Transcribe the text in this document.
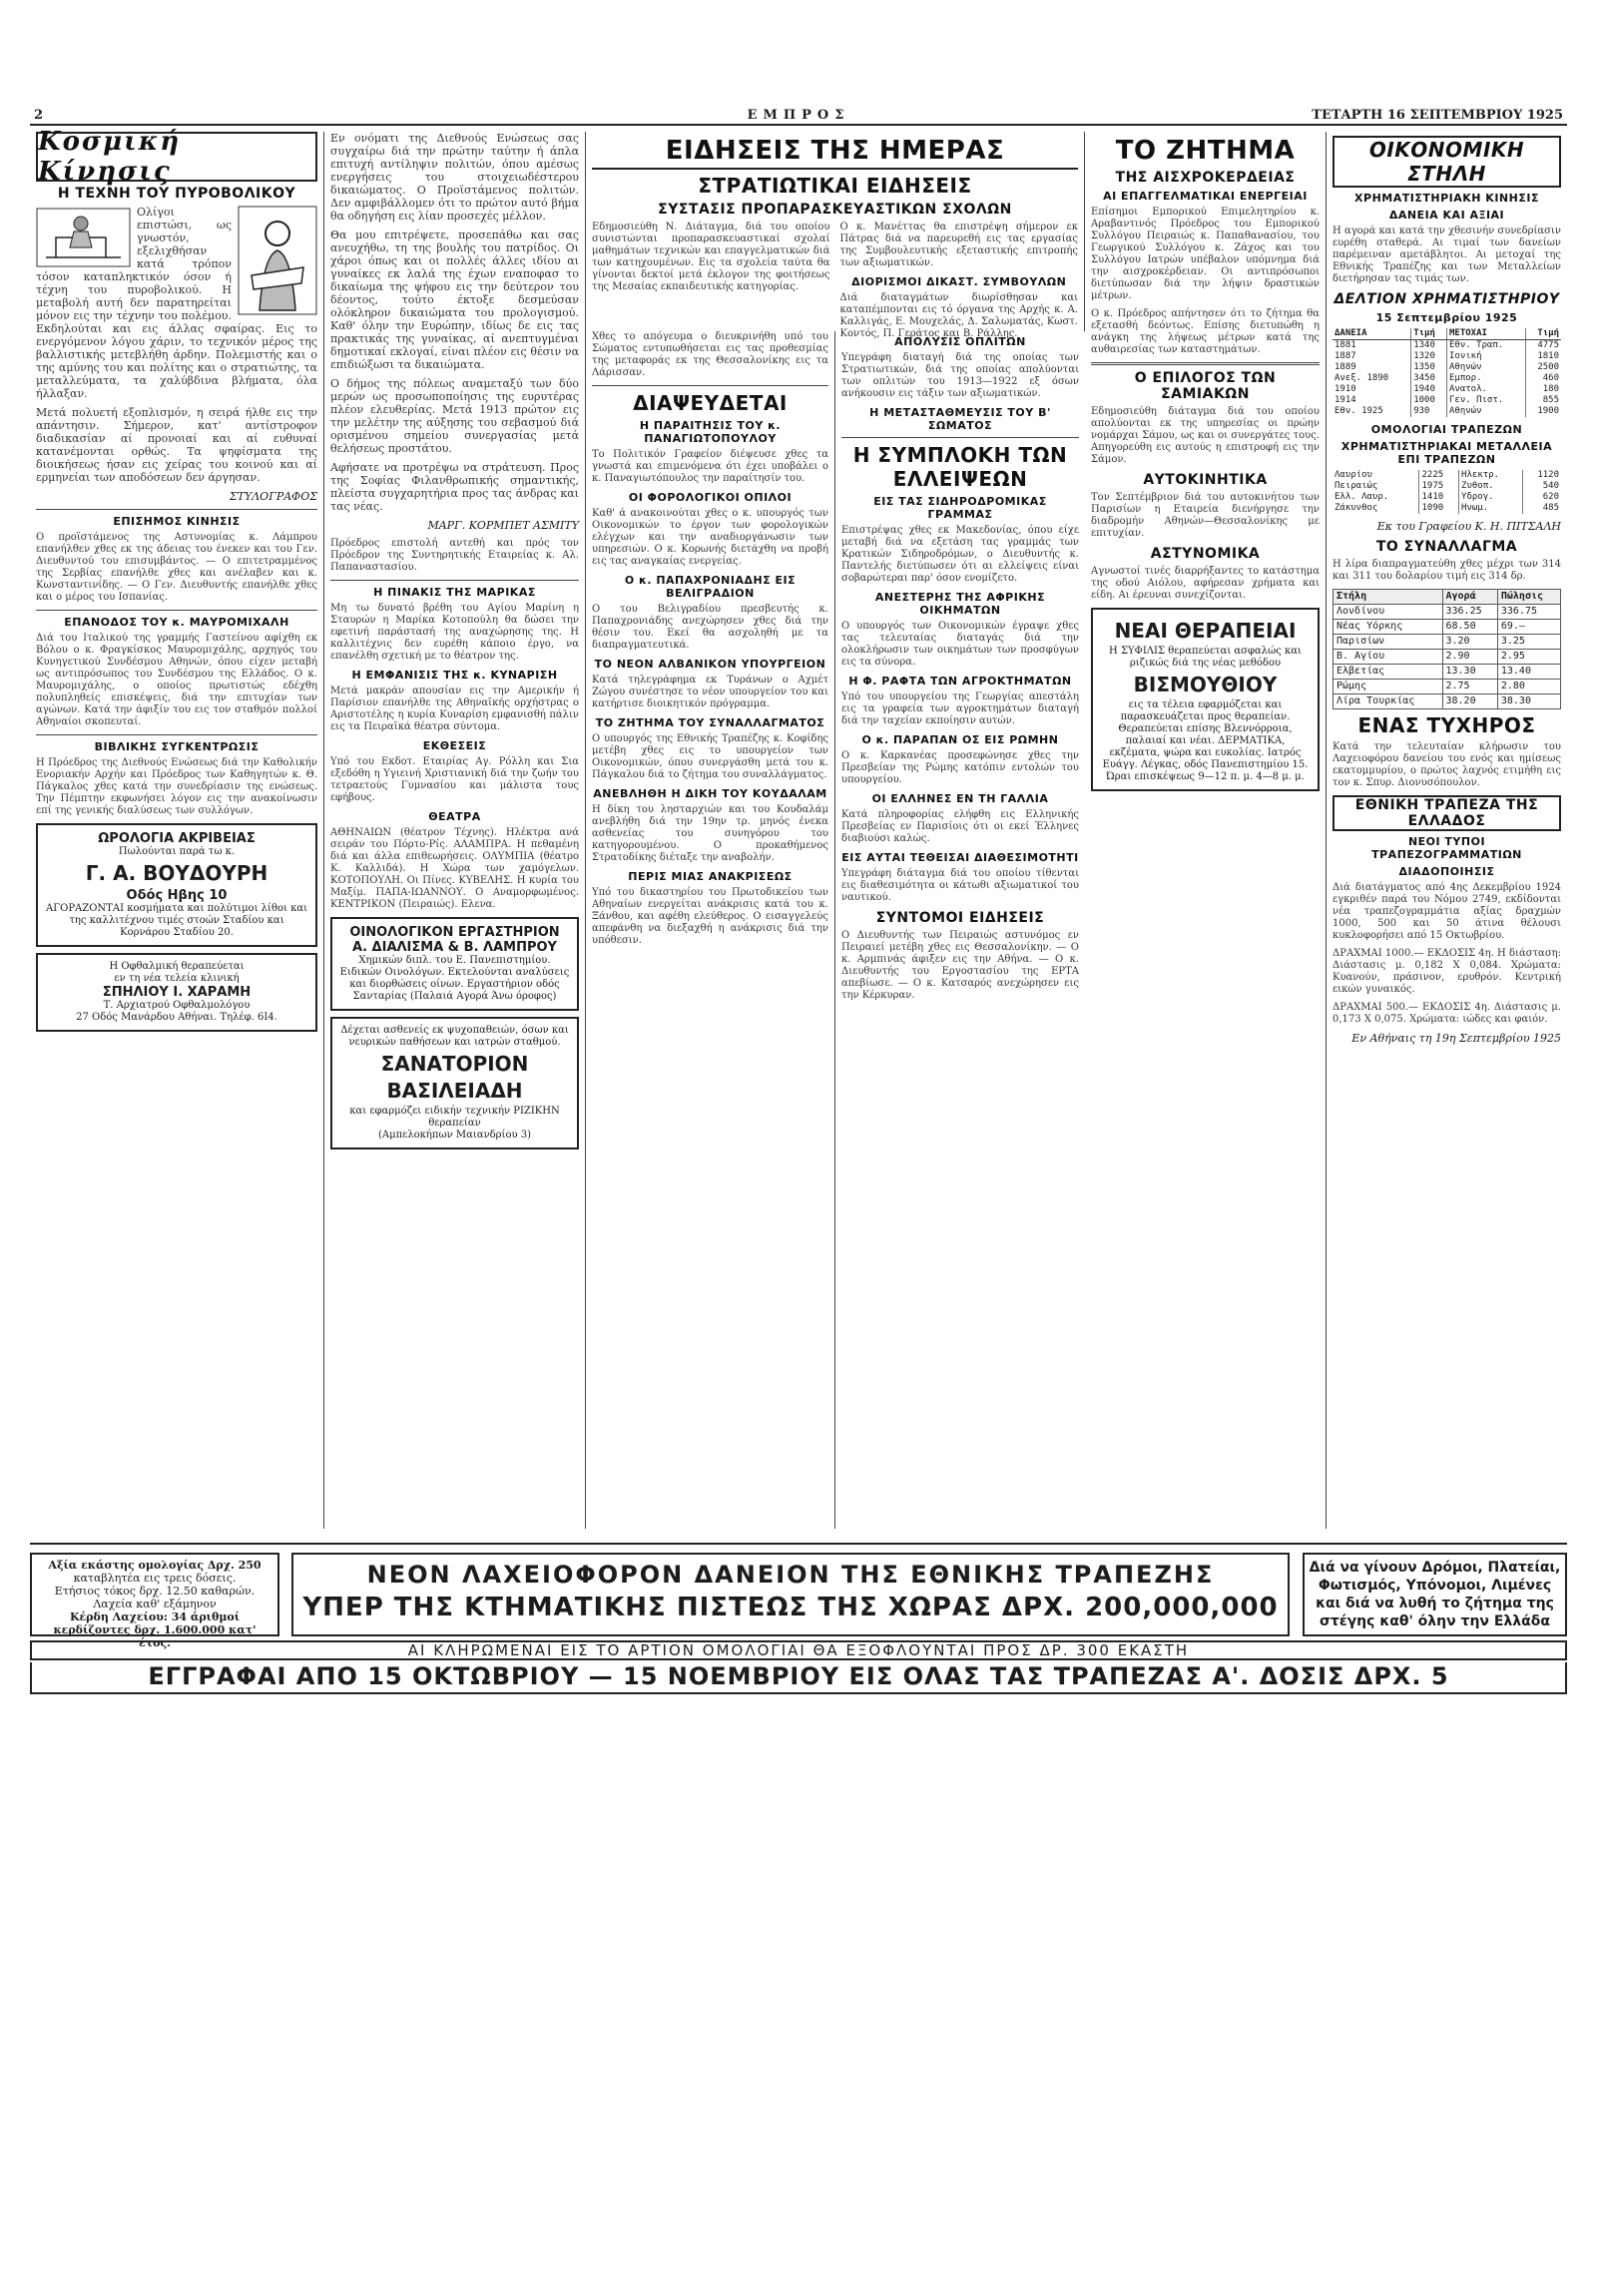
2	ΕΜΠΡΟΣ	ΤΕΤΑΡΤΗ 16 ΣΕΠΤΕΜΒΡΙΟΥ 1925
Κοσμική Κίνησις
Η ΤΕΧΝΗ ΤΟΥ ΠΥΡΟΒΟΛΙΚΟΥ

Ολίγοι επιστώσι, ως γνωστόν, εξελιχθήσαν κατά τρόπον τόσον καταπληκτικόν όσον ή τέχνη του πυροβολικού. Η μεταβολή αυτή δεν παρατηρείται μόνον εις την τέχνην του πολέμου. Εκδηλούται και εις άλλας σφαίρας. Εις το ενεργόμενον λόγου χάριν, το τεχνικόν μέρος της βαλλιστικής μετεβλήθη άρδην. Πολεμιστής και ο της αμύνης του και πολίτης και ο στρατιώτης, τα μεταλλεύματα, τα χαλύβδινα βλήματα, όλα ήλλαξαν.

Μετά πολυετή εξοπλισμόν, η σειρά ήλθε εις την απάντησιν. Σήμερον, κατ' αντίστροφον διαδικασίαν αί προνοιαί και αί ευθυναί κατανέμονται ορθώς. Τα ψηφίσματα της διοικήσεως ήσαν εις χείρας του κοινού και αί ερμηνείαι των αποδόσεων δεν άργησαν.

ΣΤΥΛΟΓΡΑΦΟΣ
ΕΠΙΣΗΜΟΣ ΚΙΝΗΣΙΣ

Ο προϊστάμενος της Αστυνομίας κ. Λάμπρου επανήλθεν χθες εκ της άδειας του ένεκεν και του Γεν. Διευθυντού του επισυμβάντος. — Ο επιτετραμμένος της Σερβίας επανήλθε χθες και ανέλαβεν και κ. Κωνσταντινίδης. — Ο Γεν. Διευθυντής επανήλθε χθες και ο μέρος του Ισπανίας.

ΕΠΑΝΟΔΟΣ ΤΟΥ κ. ΜΑΥΡΟΜΙΧΑΛΗ

Διά του Ιταλικού της γραμμής Γαστείνου αφίχθη εκ Βόλου ο κ. Φραγκίσκος Μαυρομιχάλης, αρχηγός του Κυνηγετικού Συνδέσμου Αθηνών, όπου είχεν μεταβή ως αντιπρόσωπος του Συνδέσμου της Ελλάδος. Ο κ. Μαυρομιχάλης, ο οποίος πρωτιστώς εδέχθη πολυπληθείς επισκέψεις, διά την επιτυχίαν των αγώνων. Κατά την άφιξίν του εις τον σταθμόν πολλοί Αθηναίοι σκοπευταί.

ΒΙΒΛΙΚΗΣ ΣΥΓΚΕΝΤΡΩΣΙΣ

Η Πρόεδρος της Διεθνούς Ενώσεως διά την Καθολικήν Ενοριακήν Αρχήν και Πρόεδρος των Καθηγητών κ. Θ. Πάγκαλος χθες κατά την συνεδρίασιν της ενώσεως. Την Πέμπτην εκφωνήσει λόγον εις την ανακοίνωσιν επί της γενικής διαλύσεως των συλλόγων.

ΩΡΟΛΟΓΙΑ ΑΚΡΙΒΕΙΑΣ
Πωλούνται παρά τω κ.
Γ. Α. ΒΟΥΔΟΥΡΗ
Οδός Ηβης 10
ΑΓΟΡΑΖΟΝΤΑΙ κοσμήματα και πολύτιμοι λίθοι και της καλλιτέχνου τιμές στοών Σταδίου και Κορνάρου Σταδίου 20.
Η Οφθαλμική θεραπεύεται
εν τη νέα τελεία κλινική
ΣΠΗΛΙΟΥ Ι. ΧΑΡΑΜΗ
Τ. Αρχιατρού Οφθαλμολόγου
27 Οδός Μανάρδου Αθήναι. Τηλέφ. 6Ι4.

Εν ονόματι της Διεθνούς Ενώσεως σας συγχαίρω διά την πρώτην ταύτην ή άπλα επιτυχή αντίληψιν πολιτών, όπου αμέσως ενεργήσεις του στοιχειωδέστερου δικαιώματος. Ο Προϊστάμενος πολιτών. Δεν αμφιβάλλομεν ότι το πρώτον αυτό βήμα θα οδηγήση εις λίαν προσεχές μέλλον.

Θα μου επιτρέψετε, προσεπάθω και σας ανευχήθω, τη της βουλής του πατρίδος. Οι χάροι όπως και οι πολλές άλλες ιδίου αι γυναίκες εκ λαλά της έχων εναποφασ το δικαίωμα της ψήφου εις την δεύτερον του δέοντος, τούτο έκτοξε δεσμεύσαν ολόκληρον δικαιώματα του προλογισμού. Καθ' όλην την Ευρώπην, ιδίως δε εις τας πρακτικάς της γυναίκας, αί ανεπτυγμέναι δημοτικαί εκλογαί, είναι πλέον εις θέσιν να επιδιώξωσι τα δικαιώματα.

Ο δήμος της πόλεως αναμεταξύ των δύο μερών ως προσωποποίησις της ευρυτέρας πλέον ελευθερίας. Μετά 1913 πρώτον εις την μελέτην της αύξησης του σεβασμού διά ορισμένου σημείου συνεργασίας μετά θελήσεως προστάτου.

Αφήσατε να προτρέψω να στράτευση. Προς της Σοφίας Φιλανθρωπικής σημαντικής, πλείστα συγχαρητήρια προς τας άνδρας και τας νέας.

ΜΑΡΓ. ΚΟΡΜΠΕΤ ΑΣΜΙΤΥ

Πρόεδρος επιστολή αντεθή και πρός τον Πρόεδρον της Συντηρητικής Εταιρείας κ. Αλ. Παπαναστασίου.

Η ΠΙΝΑΚΙΣ ΤΗΣ ΜΑΡΙΚΑΣ

Μη τω δυνατό βρέθη του Αγίου Μαρίνη η Σταυρών η Μαρίκα Κοτοπούλη θα δώσει την εφετινή παράστασή της αναχώρησης της. Η καλλιτέχνις δεν ευρέθη κάποιο έργο, να επανέλθη σχετική με το θέατρον της.

Η ΕΜΦΑΝΙΣΙΣ ΤΗΣ κ. ΚΥΝΑΡΙΣΗ

Μετά μακράν απουσίαν εις την Αμερικήν ή Παρίσιον επανήλθε της Αθηναϊκής ορχήστρας ο Αριστοτέλης η κυρία Κυναρίση εμφανισθή πάλιν εις τα Πειραϊκά θέατρα σύντομα.

ΕΚΘΕΣΕΙΣ

Υπό του Εκδοτ. Εταιρίας Αγ. Ρόλλη και Σια εξεδόθη η Υγιεινή Χριστιανική διά την ζωήν του τετραετούς Γυμνασίου και μάλιστα τους εφήβους.

ΘΕΑΤΡΑ

ΑΘΗΝΑΙΩΝ (θέατρον Τέχνης). Ηλέκτρα ανά σειράν του Πόρτο-Ρίς. ΑΛΑΜΠΡΑ. Η πεθαμένη διά και άλλα επιθεωρήσεις. ΟΛΥΜΠΙΑ (θέατρο Κ. Καλλιδά). Η Χώρα των χαμόγελων. ΚΟΤΟΠΟΥΛΗ. Οι Πίνες. ΚΥΒΕΛΗΣ. Η κυρία του Μαξίμ. ΠΑΠΑ-ΙΩΑΝΝΟΥ. Ο Αναμορφωμένος. ΚΕΝΤΡΙΚΟΝ (Πειραιώς). Ελενα.

ΟΙΝΟΛΟΓΙΚΟΝ ΕΡΓΑΣΤΗΡΙΟΝ
Α. ΔΙΑΛΙΣΜΑ & Β. ΛΑΜΠΡΟΥ
Χημικών διπλ. του Ε. Πανεπιστημίου. Ειδικών Οινολόγων. Εκτελούνται αναλύσεις και διορθώσεις οίνων. Εργαστήριον οδός Σανταρίας (Παλαιά Αγορά Άνω όροφος)
Δέχεται ασθενείς εκ ψυχοπαθειών, όσων και νευρικών παθήσεων και ιατρών σταθμού.
ΣΑΝΑΤΟΡΙΟΝ
ΒΑΣΙΛΕΙΑΔΗ
και εφαρμόζει ειδικήν τεχνικήν ΡΙΖΙΚΗΝ θεραπείαν
(Αμπελοκήπων Μαιανδρίου 3)
ΕΙΔΗΣΕΙΣ ΤΗΣ ΗΜΕΡΑΣ
ΣΤΡΑΤΙΩΤΙΚΑΙ ΕΙΔΗΣΕΙΣ
ΣΥΣΤΑΣΙΣ ΠΡΟΠΑΡΑΣΚΕΥΑΣΤΙΚΩΝ ΣΧΟΛΩΝ

Εδημοσιεύθη Ν. Διάταγμα, διά του οποίου συνιστώνται προπαρασκευαστικαί σχολαί μαθημάτων τεχνικών και επαγγελματικών διά των κατηχουμένων. Εις τα σχολεία ταύτα θα γίνονται δεκτοί μετά έκλογον της φοιτήσεως της Μεσαίας εκπαιδευτικής κατηγορίας.

Ο κ. Μανέττας θα επιστρέψη σήμερον εκ Πάτρας διά να παρευρεθή εις τας εργασίας της Συμβουλευτικής εξεταστικής επιτροπής των αξιωματικών.

ΔΙΟΡΙΣΜΟΙ ΔΙΚΑΣΤ. ΣΥΜΒΟΥΛΩΝ

Διά διαταγμάτων διωρίσθησαν και καταπέμπονται εις τό όργανα της Αρχής κ. Α. Καλλιγάς, Ε. Μουχελάς, Δ. Σαλωματάς, Κωστ. Κοντός, Π. Γεράτος και Β. Ράλλης.

Χθες το απόγευμα ο διευκρινήθη υπό του Σώματος εντυπωθήσεται εις τας προθεσμίας της μεταφοράς εκ της Θεσσαλονίκης εις τα Λάρισσαν.

ΔΙΑΨΕΥΔΕΤΑΙ
Η ΠΑΡΑΙΤΗΣΙΣ ΤΟΥ κ. ΠΑΝΑΓΙΩΤΟΠΟΥΛΟΥ

Το Πολιτικόν Γραφείον διέψευσε χθες τα γνωστά και επιμενόμενα ότι έχει υποβάλει ο κ. Παναγιωτόπουλος την παραίτησίν του.

ΟΙ ΦΟΡΟΛΟΓΙΚΟΙ ΟΠΙΛΟΙ

Καθ' ά ανακοινούται χθες ο κ. υπουργός των Οικονομικών το έργον των φορολογικών ελέγχων και την αναδιοργάνωσιν των υπηρεσιών. Ο κ. Κορωνής διετάχθη να προβή εις τας αναγκαίας ενεργείας.

Ο κ. ΠΑΠΑΧΡΟΝΙΑΔΗΣ ΕΙΣ ΒΕΛΙΓΡΑΔΙΟΝ

Ο του Βελιγραδίου πρεσβευτής κ. Παπαχρονιάδης ανεχώρησεν χθες διά την θέσιν του. Εκεί θα ασχοληθή με τα διαπραγματευτικά.

ΤΟ ΝΕΟΝ ΑΛΒΑΝΙΚΟΝ ΥΠΟΥΡΓΕΙΟΝ

Κατά τηλεγράφημα εκ Τυράνων ο Αχμέτ Ζώγου συνέστησε το νέον υπουργείον του και κατήρτισε διοικητικόν πρόγραμμα.

ΤΟ ΖΗΤΗΜΑ ΤΟΥ ΣΥΝΑΛΛΑΓΜΑΤΟΣ

Ο υπουργός της Εθνικής Τραπέζης κ. Κοφίδης μετέβη χθες εις το υπουργείον των Οικονομικών, όπου συνεργάσθη μετά του κ. Πάγκαλου διά το ζήτημα του συναλλάγματος.

ΑΝΕΒΛΗΘΗ Η ΔΙΚΗ ΤΟΥ ΚΟΥΔΑΛΑΜ

Η δίκη του λησταρχιών και του Κουδαλάμ ανεβλήθη διά την 19ην τρ. μηνός ένεκα ασθενείας του συνηγόρου του κατηγορουμένου. Ο προκαθήμενος Στρατοδίκης διέταξε την αναβολήν.

ΠΕΡΙΣ ΜΙΑΣ ΑΝΑΚΡΙΣΕΩΣ

Υπό του δικαστηρίου του Πρωτοδικείου των Αθηναίων ενεργείται ανάκρισις κατά του κ. Ξάνθου, και αφέθη ελεύθερος. Ο εισαγγελεύς απεφάνθη να διεξαχθή η ανάκρισις διά την υπόθεσιν.

ΑΠΟΛΥΣΙΣ ΟΠΛΙΤΩΝ

Υπεγράφη διαταγή διά της οποίας των Στρατιωτικών, διά της οποίας απολύονται των οπλιτών του 1913—1922 εξ όσων ανήκουσιν εις τάξιν των αξιωματικών.

Η ΜΕΤΑΣΤΑΘΜΕΥΣΙΣ ΤΟΥ Β' ΣΩΜΑΤΟΣ
Η ΣΥΜΠΛΟΚΗ ΤΩΝ ΕΛΛΕΙΨΕΩΝ
ΕΙΣ ΤΑΣ ΣΙΔΗΡΟΔΡΟΜΙΚΑΣ ΓΡΑΜΜΑΣ

Επιστρέψας χθες εκ Μακεδονίας, όπου είχε μεταβή διά να εξετάση τας γραμμάς των Κρατικών Σιδηροδρόμων, ο Διευθυντής κ. Παντελής διετύπωσεν ότι αι ελλείψεις είναι σοβαρώτεραι παρ' όσον ενομίζετο.

ΑΝΕΣΤΕΡΗΣ ΤΗΣ ΑΦΡΙΚΗΣ ΟΙΚΗΜΑΤΩΝ

Ο υπουργός των Οικονομικών έγραψε χθες τας τελευταίας διαταγάς διά την ολοκλήρωσιν των οικημάτων των προσφύγων εις τα σύνορα.

Η Φ. ΡΑΦΤΑ ΤΩΝ ΑΓΡΟΚΤΗΜΑΤΩΝ

Υπό του υπουργείου της Γεωργίας απεστάλη εις τα γραφεία των αγροκτημάτων διαταγή διά την ταχείαν εκποίησιν αυτών.

Ο κ. ΠΑΡΑΠΑΝ ΟΣ ΕΙΣ ΡΩΜΗΝ

Ο κ. Καρκανέας προσεφώνησε χθες την Πρεσβείαν της Ρώμης κατόπιν εντολών του υπουργείου.

ΟΙ ΕΛΛΗΝΕΣ ΕΝ ΤΗ ΓΑΛΛΙΑ

Κατά πληροφορίας ελήφθη εις Ελληνικής Πρεσβείας εν Παρισίοις ότι οι εκεί Έλληνες διαβιούσι καλώς.

ΕΙΣ ΑΥΤΑΙ ΤΕΘΕΙΣΑΙ ΔΙΑΘΕΣΙΜΟΤΗΤΙ

Υπεγράφη διάταγμα διά του οποίου τίθενται εις διαθεσιμότητα οι κάτωθι αξιωματικοί του ναυτικού.

ΣΥΝΤΟΜΟΙ ΕΙΔΗΣΕΙΣ

Ο Διευθυντής των Πειραιώς αστυνόμος εν Πειραιεί μετέβη χθες εις Θεσσαλονίκην. — Ο κ. Αρμπινάς άφιξεν εις την Αθήνα. — Ο κ. Διευθυντής του Εργοστασίου της ΕΡΤΑ απεβίωσε. — Ο κ. Κατσαρός ανεχώρησεν εις την Κέρκυραν.

ΤΟ ΖΗΤΗΜΑ
ΤΗΣ ΑΙΣΧΡΟΚΕΡΔΕΙΑΣ
ΑΙ ΕΠΑΓΓΕΛΜΑΤΙΚΑΙ ΕΝΕΡΓΕΙΑΙ

Επίσημοι Εμπορικού Επιμελητηρίου κ. Αραβαντινός Πρόεδρος του Εμπορικού Συλλόγου Πειραιώς κ. Παπαθανασίου, του Γεωργικού Συλλόγου κ. Ζάχος και του Συλλόγου Ιατρών υπέβαλον υπόμνημα διά την αισχροκέρδειαν. Οι αντιπρόσωποι διετύπωσαν διά την λήψιν δραστικών μέτρων.

Ο κ. Πρόεδρος απήντησεν ότι το ζήτημα θα εξετασθή δεόντως. Επίσης διετυπώθη η ανάγκη της λήψεως μέτρων κατά της αυθαιρεσίας των καταστημάτων.

Ο ΕΠΙΛΟΓΟΣ ΤΩΝ ΣΑΜΙΑΚΩΝ

Εδημοσιεύθη διάταγμα διά του οποίου απολύονται εκ της υπηρεσίας οι πρώην νομάρχαι Σάμου, ως και οι συνεργάτες τους. Απηγορεύθη εις αυτούς η επιστροφή εις την Σάμον.

ΑΥΤΟΚΙΝΗΤΙΚΑ

Τον Σεπτέμβριον διά του αυτοκινήτου των Παρισίων η Εταιρεία διενήργησε την διαδρομήν Αθηνών—Θεσσαλονίκης με επιτυχίαν.

ΑΣΤΥΝΟΜΙΚΑ

Αγνωστοί τινές διαρρήξαντες το κατάστημα της οδού Αιόλου, αφήρεσαν χρήματα και είδη. Αι έρευναι συνεχίζονται.

ΝΕΑΙ ΘΕΡΑΠΕΙΑΙ
Η ΣΥΦΙΛΙΣ θεραπεύεται ασφαλώς και ριζικώς διά της νέας μεθόδου
ΒΙΣΜΟΥΘΙΟΥ
εις τα τέλεια εφαρμόζεται και παρασκευάζεται προς θεραπείαν. Θεραπεύεται επίσης Βλεννόρροια, παλαιαί και νέαι. ΔΕΡΜΑΤΙΚΑ, εκζέματα, ψώρα και ευκολίας. Ιατρός Ευάγγ. Λέγκας, οδός Πανεπιστημίου 15.
Ώραι επισκέψεως 9—12 π. μ. 4—8 μ. μ.
ΟΙΚΟΝΟΜΙΚΗ ΣΤΗΛΗ
ΧΡΗΜΑΤΙΣΤΗΡΙΑΚΗ ΚΙΝΗΣΙΣ
ΔΑΝΕΙΑ ΚΑΙ ΑΞΙΑΙ

Η αγορά και κατά την χθεσινήν συνεδρίασιν ευρέθη σταθερά. Αι τιμαί των δανείων παρέμειναν αμετάβλητοι. Αι μετοχαί της Εθνικής Τραπέζης και των Μεταλλείων διετήρησαν τας τιμάς των.

ΔΕΛΤΙΟΝ ΧΡΗΜΑΤΙΣΤΗΡΙΟΥ
15 Σεπτεμβρίου 1925
ΔΑΝΕΙΑ	Τιμή	ΜΕΤΟΧΑΙ	Τιμή
1881	1340	Εθν. Τραπ.	4775
1887	1320	Ιονική	1810
1889	1350	Αθηνών	2500
Ανεξ. 1890	3450	Εμπορ.	460
1910	1940	Ανατολ.	180
1914	1000	Γεν. Πιστ.	855
Εθν. 1925	930	Αθηνών	1900
ΟΜΟΛΟΓΙΑΙ ΤΡΑΠΕΖΩΝ
ΧΡΗΜΑΤΙΣΤΗΡΙΑΚΑΙ ΜΕΤΑΛΛΕΙΑ ΕΠΙ ΤΡΑΠΕΖΩΝ
Λαυρίου	2225	Ηλεκτρ.	1120
Πειραιώς	1975	Ζυθοπ.	540
Ελλ. Λαυρ.	1410	Υδρογ.	620
Ζάκυνθος	1090	Ηνωμ.	485
Εκ του Γραφείου Κ. Η. ΠΙΤΣΑΛΗ
ΤΟ ΣΥΝΑΛΛΑΓΜΑ

Η λίρα διαπραγματεύθη χθες μέχρι των 314 και 311 του δολαρίου τιμή εις 314 δρ.

Στήλη	Αγορά	Πώλησις
Λονδίνου	336.25	336.75
Νέας Υόρκης	68.50	69.—
Παρισίων	3.20	3.25
Β. Αγίου	2.90	2.95
Ελβετίας	13.30	13.40
Ρώμης	2.75	2.80
Λίρα Τουρκίας	38.20	38.30
ΕΝΑΣ ΤΥΧΗΡΟΣ

Κατά την τελευταίαν κλήρωσιν του Λαχειοφόρου δανείου του ενός και ημίσεως εκατομμυρίου, ο πρώτος λαχνός ετιμήθη εις τον κ. Σπυρ. Διονυσόπουλον.

ΕΘΝΙΚΗ ΤΡΑΠΕΖΑ ΤΗΣ ΕΛΛΑΔΟΣ
ΝΕΟΙ ΤΥΠΟΙ ΤΡΑΠΕΖΟΓΡΑΜΜΑΤΙΩΝ
ΔΙΑΔΟΠΟΙΗΣΙΣ

Διά διατάγματος από 4ης Δεκεμβρίου 1924 εγκριθέν παρά του Νόμου 2749, εκδίδονται νέα τραπεζογραμμάτια αξίας δραχμών 1000, 500 και 50 άτινα θέλουσι κυκλοφορήσει από 15 Οκτωβρίου.

ΔΡΑΧΜΑΙ 1000.— ΕΚΔΟΣΙΣ 4η. Η διάσταση: Διάστασις μ. 0,182 Χ 0,084. Χρώματα: Κυανούν, πράσινον, ερυθρόν. Κεντρική εικών γυναικός.

ΔΡΑΧΜΑΙ 500.— ΕΚΔΟΣΙΣ 4η. Διάστασις μ. 0,173 Χ 0,075. Χρώματα: ιώδες και φαιόν.

Εν Αθήναις τη 19η Σεπτεμβρίου 1925
Αξία εκάστης ομολογίας Δρχ. 250
καταβλητέα εις τρεις δόσεις.
Ετήσιος τόκος δρχ. 12.50 καθαρών. Λαχεία καθ' εξάμηνον
Κέρδη Λαχείου: 34 άριθμοί κερδίζοντες δρχ. 1.600.000 κατ' έτος.
ΝΕΟΝ ΛΑΧΕΙΟΦΟΡΟΝ ΔΑΝΕΙΟΝ ΤΗΣ ΕΘΝΙΚΗΣ ΤΡΑΠΕΖΗΣ
ΥΠΕΡ ΤΗΣ ΚΤΗΜΑΤΙΚΗΣ ΠΙΣΤΕΩΣ ΤΗΣ ΧΩΡΑΣ ΔΡΧ. 200,000,000
Διά να γίνουν Δρόμοι, Πλατείαι, Φωτισμός, Υπόνομοι, Λιμένες και διά να λυθή το ζήτημα της στέγης καθ' όλην την Ελλάδα
ΑΙ ΚΛΗΡΩΜΕΝΑΙ ΕΙΣ ΤΟ ΑΡΤΙΟΝ ΟΜΟΛΟΓΙΑΙ ΘΑ ΕΞΟΦΛΟΥΝΤΑΙ ΠΡΟΣ ΔΡ. 300 ΕΚΑΣΤΗ
ΕΓΓΡΑΦΑΙ ΑΠΟ 15 ΟΚΤΩΒΡΙΟΥ — 15 ΝΟΕΜΒΡΙΟΥ ΕΙΣ ΟΛΑΣ ΤΑΣ ΤΡΑΠΕΖΑΣ Α'. ΔΟΣΙΣ ΔΡΧ. 5
